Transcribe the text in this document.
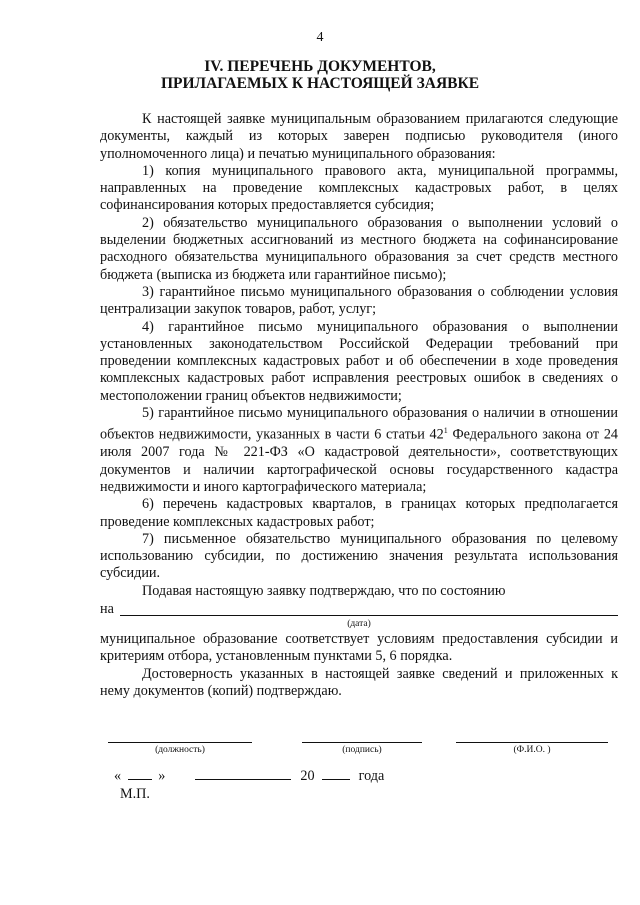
4
IV. ПЕРЕЧЕНЬ ДОКУМЕНТОВ,
ПРИЛАГАЕМЫХ К НАСТОЯЩЕЙ ЗАЯВКЕ

К настоящей заявке муниципальным образованием прилагаются следующие документы, каждый из которых заверен подписью руководителя (иного уполномоченного лица) и печатью муниципального образования:

1) копия муниципального правового акта, муниципальной программы, направленных на проведение комплексных кадастровых работ, в целях софинансирования которых предоставляется субсидия;

2) обязательство муниципального образования о выполнении условий о выделении бюджетных ассигнований из местного бюджета на софинансирование расходного обязательства муниципального образования за счет средств местного бюджета (выписка из бюджета или гарантийное письмо);

3) гарантийное письмо муниципального образования о соблюдении условия централизации закупок товаров, работ, услуг;

4) гарантийное письмо муниципального образования о выполнении установленных законодательством Российской Федерации требований при проведении комплексных кадастровых работ и об обеспечении в ходе проведения комплексных кадастровых работ исправления реестровых ошибок в сведениях о местоположении границ объектов недвижимости;

5) гарантийное письмо муниципального образования о наличии в отношении объектов недвижимости, указанных в части 6 статьи $42^1$ Федерального закона от 24 июля 2007 года № 221-ФЗ «О кадастровой деятельности», соответствующих документов и наличии картографической основы государственного кадастра недвижимости и иного картографического материала;

6) перечень кадастровых кварталов, в границах которых предполагается проведение комплексных кадастровых работ;

7) письменное обязательство муниципального образования по целевому использованию субсидии, по достижению значения результата использования субсидии.

Подавая настоящую заявку подтверждаю, что по состоянию

на
(дата)

муниципальное образование соответствует условиям предоставления субсидии и критериям отбора, установленным пунктами 5, 6 порядка.

Достоверность указанных в настоящей заявке сведений и приложенных к нему документов (копий) подтверждаю.

(должность)	(подпись)	(Ф.И.О. )
«	»	20	года
М.П.
